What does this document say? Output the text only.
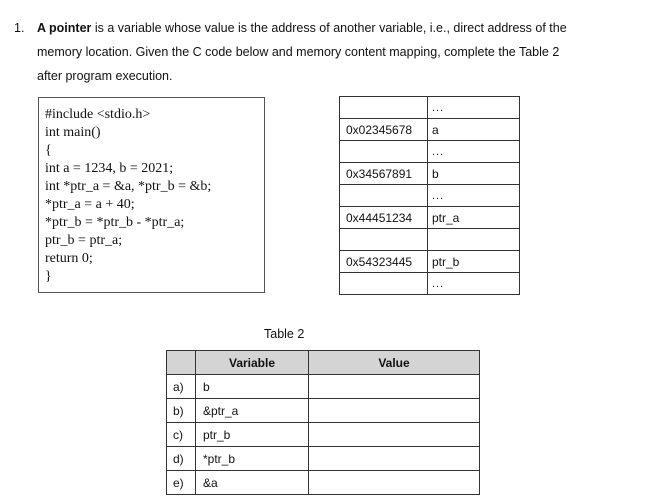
1. A pointer is a variable whose value is the address of another variable, i.e., direct address of the
memory location. Given the C code below and memory content mapping, complete the Table 2
after program execution.
#include <stdio.h>
int main()
{
int a = 1234, b = 2021;
int *ptr_a = &a, *ptr_b = &b;
*ptr_a = a + 40;
*ptr_b = *ptr_b - *ptr_a;
ptr_b = ptr_a;
return 0;
}

	...

0x02345678	a

	...

0x34567891	b

	...

0x44451234	ptr_a

0x54323445	ptr_b

	...
Table 2
	Variable	Value
a)	b	
b)	&ptr_a	
c)	ptr_b	
d)	*ptr_b	
e)	&a	
